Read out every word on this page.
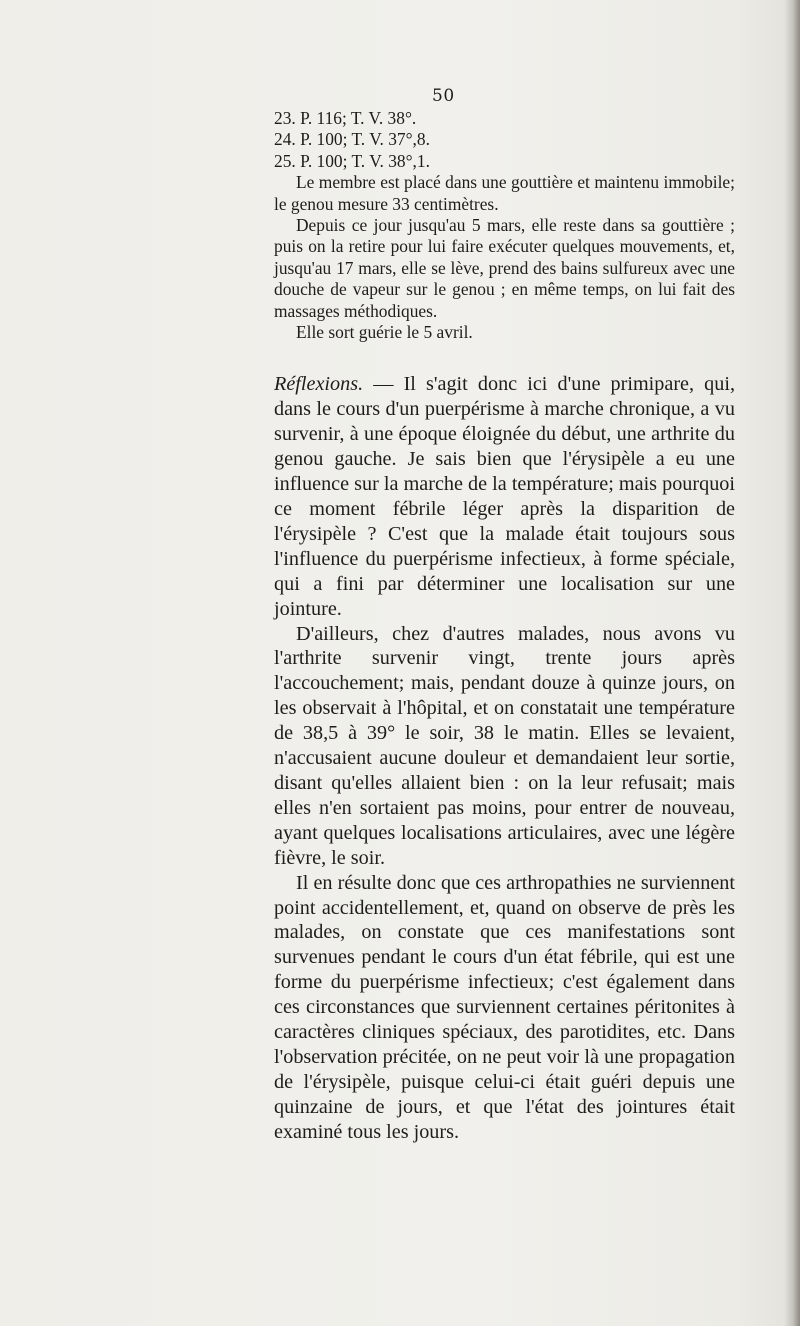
50

23. P. 116; T. V. 38°.

24. P. 100; T. V. 37°,8.

25. P. 100; T. V. 38°,1.

Le membre est placé dans une gouttière et maintenu immobile; le genou mesure 33 centimètres.

Depuis ce jour jusqu'au 5 mars, elle reste dans sa gouttière ; puis on la retire pour lui faire exécuter quelques mouvements, et, jusqu'au 17 mars, elle se lève, prend des bains sulfureux avec une douche de vapeur sur le genou ; en même temps, on lui fait des massages méthodiques.

Elle sort guérie le 5 avril.

Réflexions. — Il s'agit donc ici d'une primipare, qui, dans le cours d'un puerpérisme à marche chronique, a vu survenir, à une époque éloignée du début, une arthrite du genou gauche. Je sais bien que l'érysipèle a eu une influence sur la marche de la température; mais pourquoi ce moment fébrile léger après la disparition de l'érysipèle ? C'est que la malade était toujours sous l'influence du puerpérisme infectieux, à forme spéciale, qui a fini par déterminer une localisation sur une jointure.

D'ailleurs, chez d'autres malades, nous avons vu l'arthrite survenir vingt, trente jours après l'accouchement; mais, pendant douze à quinze jours, on les observait à l'hôpital, et on constatait une température de 38,5 à 39° le soir, 38 le matin. Elles se levaient, n'accusaient aucune douleur et demandaient leur sortie, disant qu'elles allaient bien : on la leur refusait; mais elles n'en sortaient pas moins, pour entrer de nouveau, ayant quelques localisations articulaires, avec une légère fièvre, le soir.

Il en résulte donc que ces arthropathies ne surviennent point accidentellement, et, quand on observe de près les malades, on constate que ces manifestations sont survenues pendant le cours d'un état fébrile, qui est une forme du puerpérisme infectieux; c'est également dans ces circonstances que surviennent certaines péritonites à caractères cliniques spéciaux, des parotidites, etc. Dans l'observation précitée, on ne peut voir là une propagation de l'érysipèle, puisque celui-ci était guéri depuis une quinzaine de jours, et que l'état des jointures était examiné tous les jours.
